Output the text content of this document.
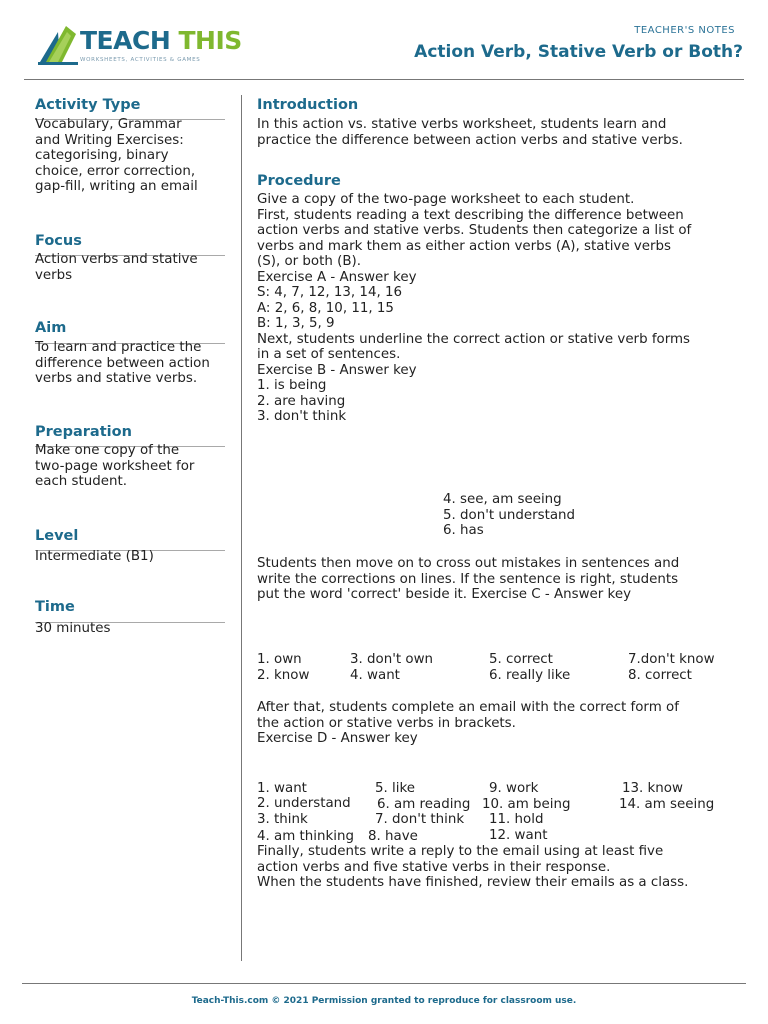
TEACH THIS
WORKSHEETS, ACTIVITIES & GAMES
TEACHER'S NOTES
Action Verb, Stative Verb or Both?
Activity Type
Vocabulary, Grammar
and Writing Exercises:
categorising, binary
choice, error correction,
gap-fill, writing an email
Focus
Action verbs and stative
verbs
Aim
To learn and practice the
difference between action
verbs and stative verbs.
Preparation
Make one copy of the
two-page worksheet for
each student.
Level
Intermediate (B1)
Time
30 minutes
Introduction
In this action vs. stative verbs worksheet, students learn and
practice the difference between action verbs and stative verbs.
Procedure
Give a copy of the two-page worksheet to each student.
First, students reading a text describing the difference between
action verbs and stative verbs. Students then categorize a list of
verbs and mark them as either action verbs (A), stative verbs
(S), or both (B).
Exercise A - Answer key
S: 4, 7, 12, 13, 14, 16
A: 2, 6, 8, 10, 11, 15
B: 1, 3, 5, 9
Next, students underline the correct action or stative verb forms
in a set of sentences.
Exercise B - Answer key
1. is being
2. are having
3. don't think
4. see, am seeing
5. don't understand
6. has
Students then move on to cross out mistakes in sentences and
write the corrections on lines. If the sentence is right, students
put the word 'correct' beside it. Exercise C - Answer key
1. own
2. know
3. don't own
4. want
5. correct
6. really like
7.don't know
8. correct
After that, students complete an email with the correct form of
the action or stative verbs in brackets.
Exercise D - Answer key
1. want
2. understand
3. think
4. am thinking
5. like
6. am reading
7. don't think
8. have
9. work
10. am being
11. hold
12. want
13. know
14. am seeing
Finally, students write a reply to the email using at least five
action verbs and five stative verbs in their response.
When the students have finished, review their emails as a class.
Teach-This.com © 2021 Permission granted to reproduce for classroom use.
